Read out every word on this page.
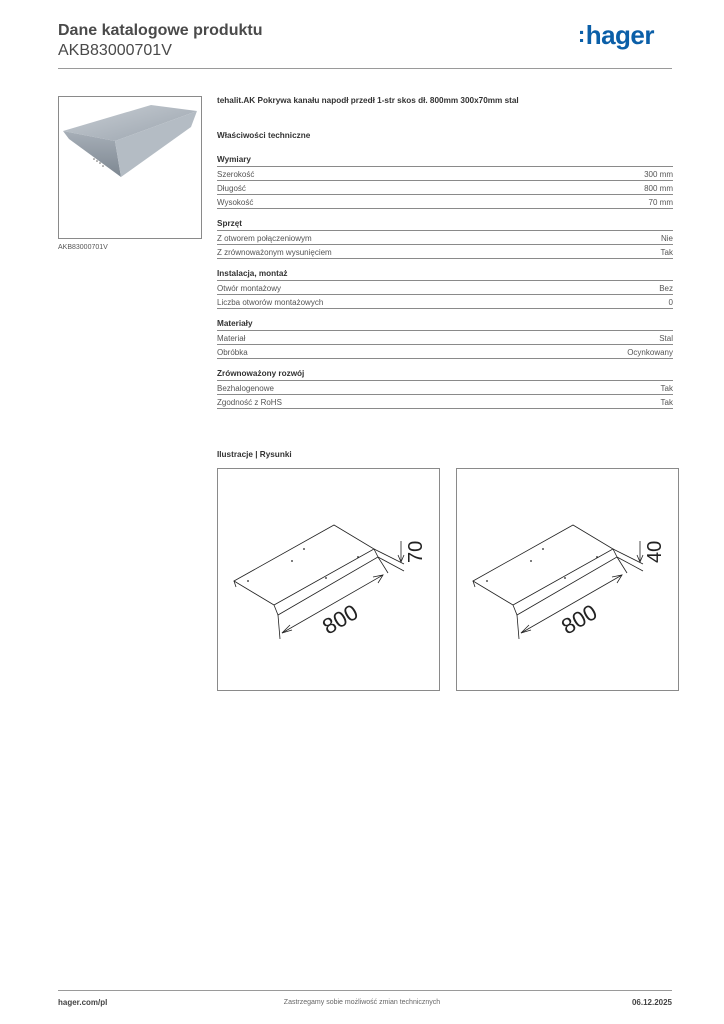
Dane katalogowe produktu
AKB83000701V
:hager
AKB83000701V
tehalit.AK Pokrywa kanału napodł przedł 1-str skos dł. 800mm 300x70mm stal
Właściwości techniczne
Wymiary
Szerokość	300 mm
Długość	800 mm
Wysokość	70 mm
Sprzęt
Z otworem połączeniowym	Nie
Z zrównoważonym wysunięciem	Tak
Instalacja, montaż
Otwór montażowy	Bez
Liczba otworów montażowych	0
Materiały
Materiał	Stal
Obróbka	Ocynkowany
Zrównoważony rozwój
Bezhalogenowe	Tak
Zgodność z RoHS	Tak
Ilustracje | Rysunki
800
70
800
40
hager.com/pl	Zastrzegamy sobie możliwość zmian technicznych	06.12.2025
